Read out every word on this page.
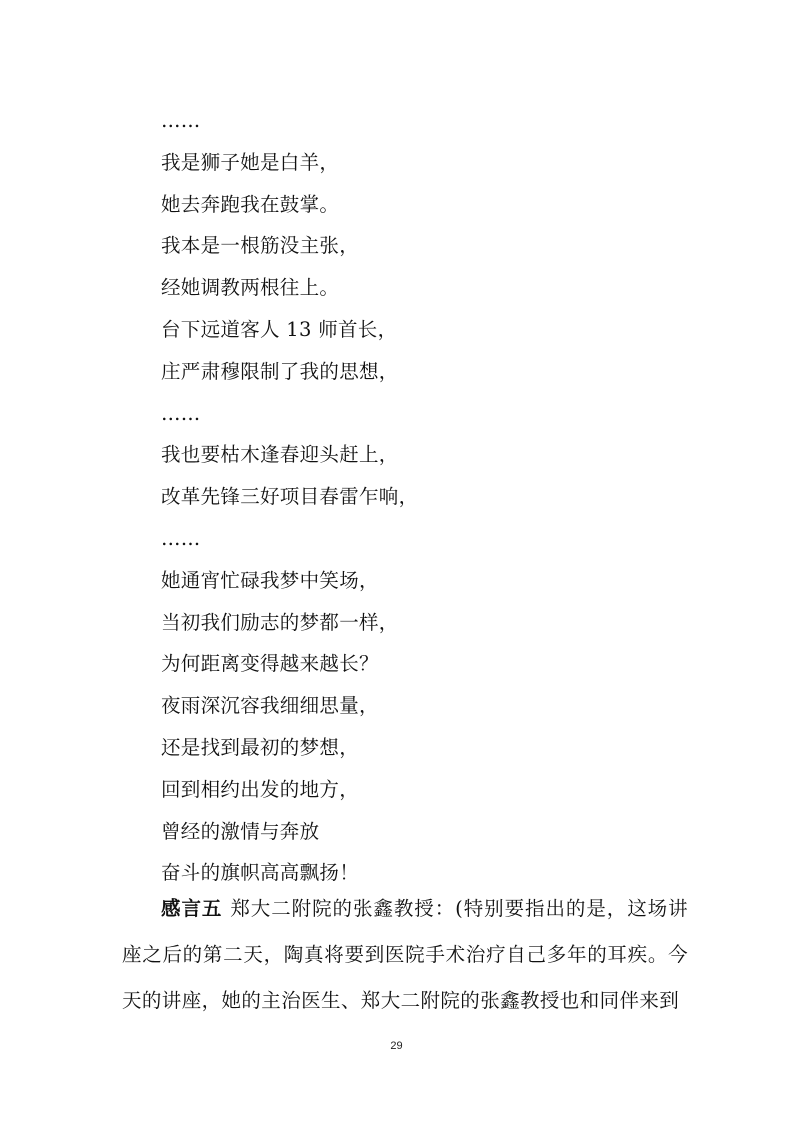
……
我是狮子她是白羊，
她去奔跑我在鼓掌。
我本是一根筋没主张，
经她调教两根往上。
台下远道客人 13 师首长，
庄严肃穆限制了我的思想，
……
我也要枯木逢春迎头赶上，
改革先锋三好项目春雷乍响，
……
她通宵忙碌我梦中笑场，
当初我们励志的梦都一样，
为何距离变得越来越长？
夜雨深沉容我细细思量，
还是找到最初的梦想，
回到相约出发的地方，
曾经的激情与奔放
奋斗的旗帜高高飘扬！
感言五 郑大二附院的张鑫教授：(特别要指出的是，这场讲座之后的第二天，陶真将要到医院手术治疗自己多年的耳疾。今天的讲座，她的主治医生、郑大二附院的张鑫教授也和同伴来到
29
